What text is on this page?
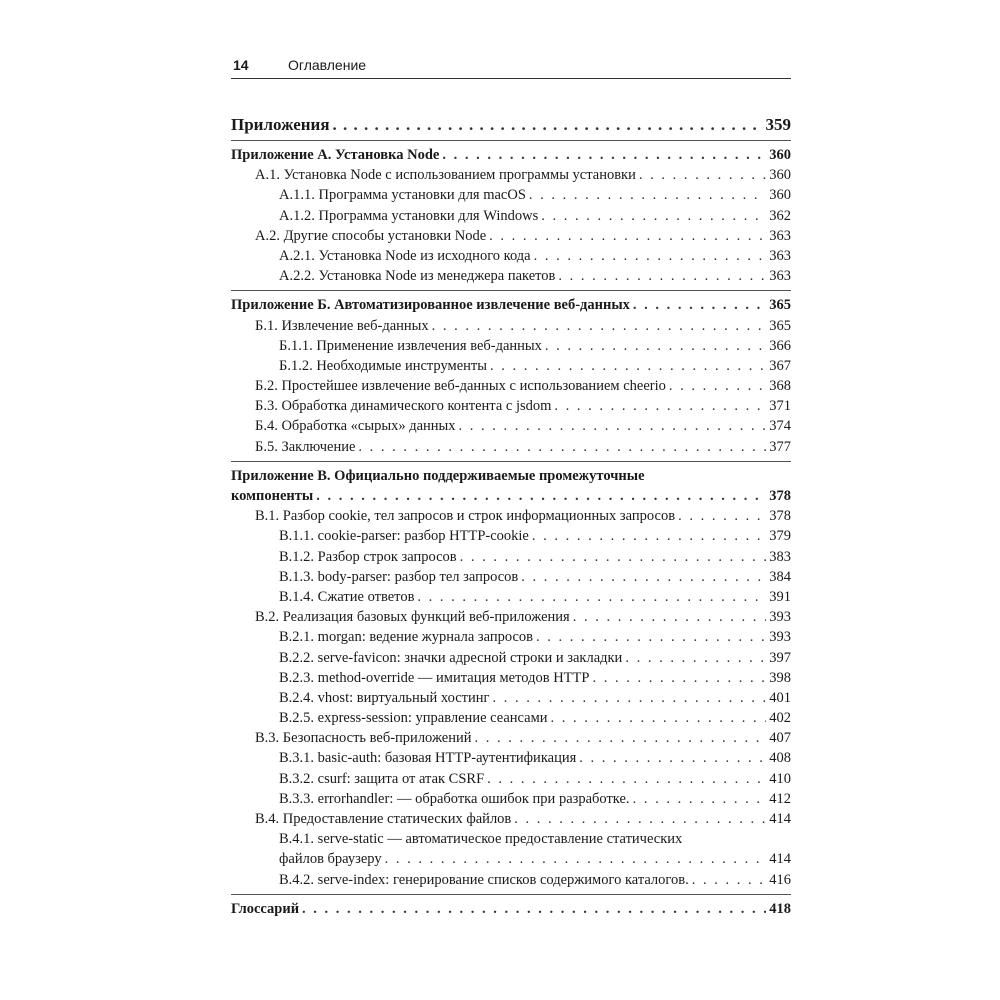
14	Оглавление
Приложения . . .	359
Приложение А. Установка Node . . .	360
А.1. Установка Node с использованием программы установки . . .	360
А.1.1. Программа установки для macOS . . .	360
А.1.2. Программа установки для Windows . . .	362
А.2. Другие способы установки Node . . .	363
А.2.1. Установка Node из исходного кода . . .	363
А.2.2. Установка Node из менеджера пакетов . . .	363
Приложение Б. Автоматизированное извлечение веб-данных . . .	365
Б.1. Извлечение веб-данных . . .	365
Б.1.1. Применение извлечения веб-данных . . .	366
Б.1.2. Необходимые инструменты . . .	367
Б.2. Простейшее извлечение веб-данных с использованием cheerio . . .	368
Б.3. Обработка динамического контента с jsdom . . .	371
Б.4. Обработка «сырых» данных . . .	374
Б.5. Заключение . . .	377
Приложение В. Официально поддерживаемые промежуточные
компоненты . . .	378
В.1. Разбор cookie, тел запросов и строк информационных запросов . . .	378
В.1.1. cookie-parser: разбор HTTP-cookie . . .	379
В.1.2. Разбор строк запросов . . .	383
В.1.3. body-parser: разбор тел запросов . . .	384
В.1.4. Сжатие ответов . . .	391
В.2. Реализация базовых функций веб-приложения . . .	393
В.2.1. morgan: ведение журнала запросов . . .	393
В.2.2. serve-favicon: значки адресной строки и закладки . . .	397
В.2.3. method-override — имитация методов HTTP . . .	398
В.2.4. vhost: виртуальный хостинг . . .	401
В.2.5. express-session: управление сеансами . . .	402
В.3. Безопасность веб-приложений . . .	407
В.3.1. basic-auth: базовая HTTP-аутентификация . . .	408
В.3.2. csurf: защита от атак CSRF . . .	410
В.3.3. errorhandler: — обработка ошибок при разработке. . . .	412
В.4. Предоставление статических файлов . . .	414
В.4.1. serve-static — автоматическое предоставление статических
файлов браузеру . . .	414
В.4.2. serve-index: генерирование списков содержимого каталогов. . . .	416
Глоссарий . . .	418
